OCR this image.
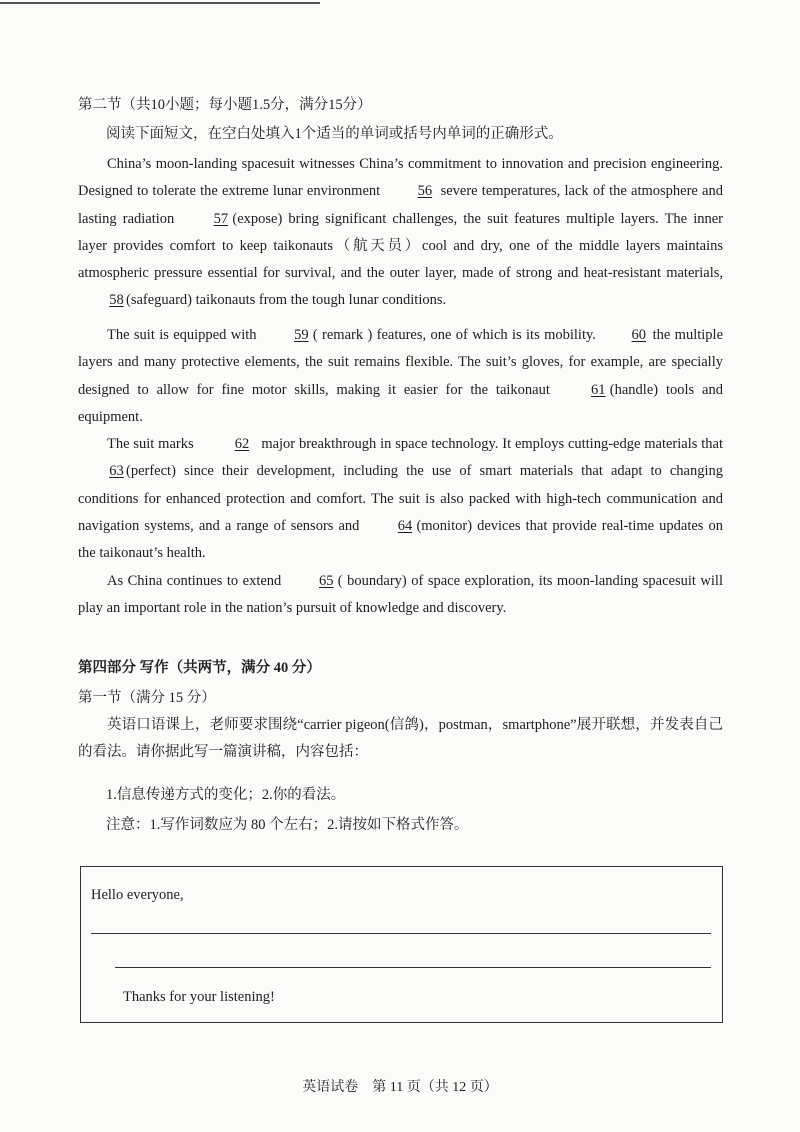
第二节（共10小题；每小题1.5分，满分15分）
阅读下面短文，在空白处填入1个适当的单词或括号内单词的正确形式。
China’s moon-landing spacesuit witnesses China’s commitment to innovation and precision engineering. Designed to tolerate the extreme lunar environment 56 severe temperatures, lack of the atmosphere and lasting radiation 57 (expose) bring significant challenges, the suit features multiple layers. The inner layer provides comfort to keep taikonauts（航天员）cool and dry, one of the middle layers maintains atmospheric pressure essential for survival, and the outer layer, made of strong and heat-resistant materials, 58 (safeguard) taikonauts from the tough lunar conditions.
The suit is equipped with 59 ( remark ) features, one of which is its mobility. 60 the multiple layers and many protective elements, the suit remains flexible. The suit’s gloves, for example, are specially designed to allow for fine motor skills, making it easier for the taikonaut 61 (handle) tools and equipment.
The suit marks	62 major breakthrough in space technology. It employs cutting-edge materials that 63 (perfect) since their development, including the use of smart materials that adapt to changing conditions for enhanced protection and comfort. The suit is also packed with high-tech communication and navigation systems, and a range of sensors and 64 (monitor) devices that provide real-time updates on the taikonaut’s health.
As China continues to extend 65 ( boundary) of space exploration, its moon-landing spacesuit will play an important role in the nation’s pursuit of knowledge and discovery.
第四部分 写作（共两节，满分 40 分）
第一节（满分 15 分）
英语口语课上，老师要求围绕“carrier pigeon(信鸽)，postman，smartphone”展开联想，并发表自己的看法。请你据此写一篇演讲稿，内容包括：
1.信息传递方式的变化；2.你的看法。
注意：1.写作词数应为 80 个左右；2.请按如下格式作答。
Hello everyone,
Thanks for your listening!
英语试卷　第 11 页（共 12 页）
